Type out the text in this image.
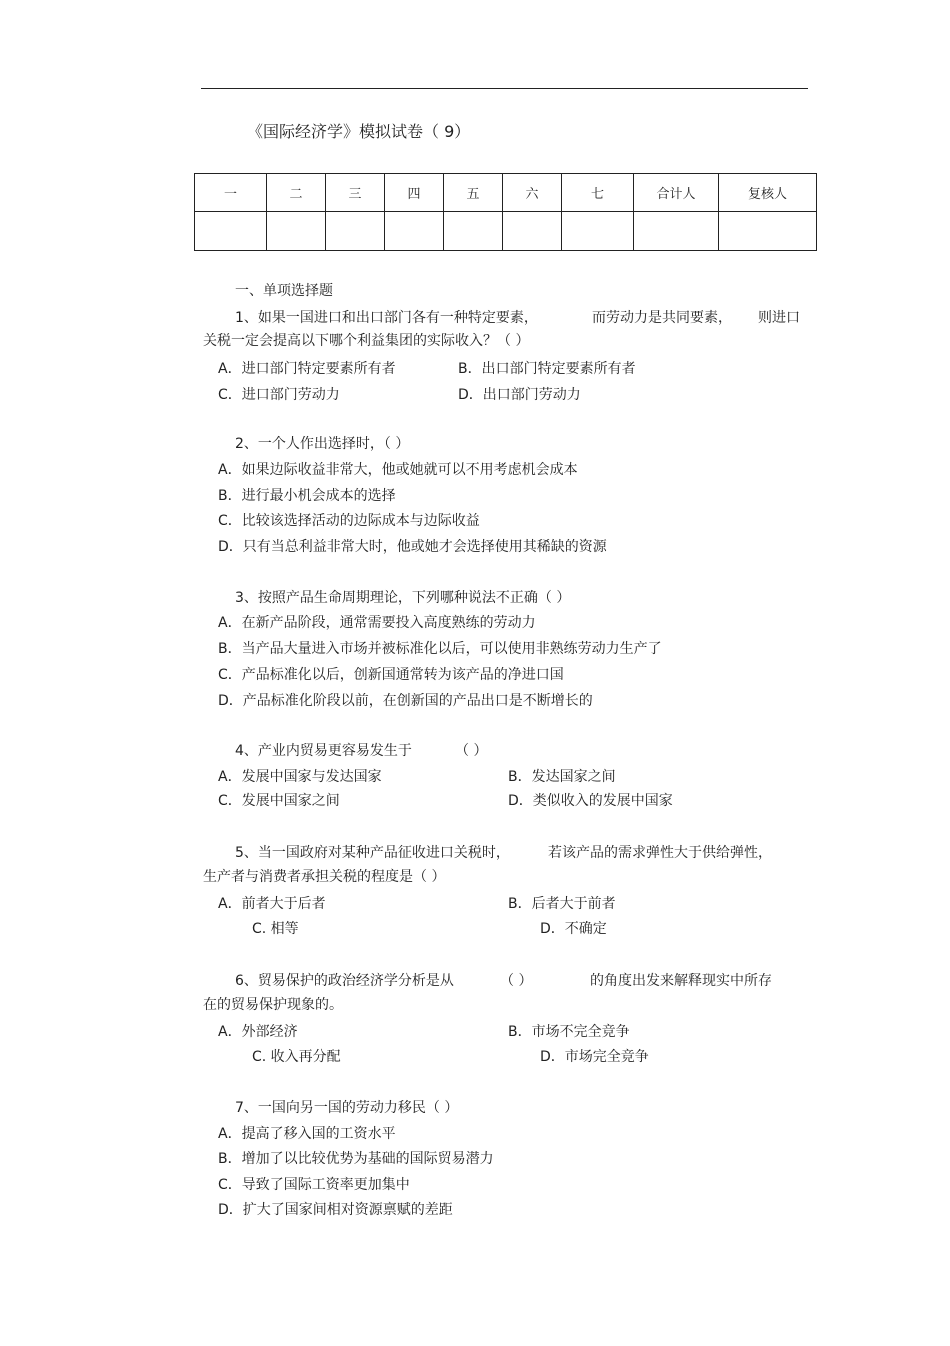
《国际经济学》模拟试卷（ 9）
一	二	三	四	五	六	七	合计人	复核人

一、单项选择题
1、如果一国进口和出口部门各有一种特定要素，	而劳动力是共同要素， 则进口
关税一定会提高以下哪个利益集团的实际收入？（ ）
A．进口部门特定要素所有者	B．出口部门特定要素所有者
C．进口部门劳动力	D．出口部门劳动力
2、一个人作出选择时，（ ）
A．如果边际收益非常大，他或她就可以不用考虑机会成本
B．进行最小机会成本的选择
C．比较该选择活动的边际成本与边际收益
D．只有当总利益非常大时，他或她才会选择使用其稀缺的资源
3、按照产品生命周期理论，下列哪种说法不正确（ ）
A．在新产品阶段，通常需要投入高度熟练的劳动力
B．当产品大量进入市场并被标准化以后，可以使用非熟练劳动力生产了
C．产品标准化以后，创新国通常转为该产品的净进口国
D．产品标准化阶段以前，在创新国的产品出口是不断增长的
4、产业内贸易更容易发生于	（ ）
A．发展中国家与发达国家	B．发达国家之间
C．发展中国家之间	D．类似收入的发展中国家
5、当一国政府对某种产品征收进口关税时，	若该产品的需求弹性大于供给弹性，
生产者与消费者承担关税的程度是（ ）
A．前者大于后者	B．后者大于前者
C. 相等	D．不确定
6、贸易保护的政治经济学分析是从	（ ）	的角度出发来解释现实中所存
在的贸易保护现象的。
A．外部经济	B．市场不完全竞争
C. 收入再分配	D．市场完全竞争
7、一国向另一国的劳动力移民（ ）
A．提高了移入国的工资水平
B．增加了以比较优势为基础的国际贸易潜力
C．导致了国际工资率更加集中
D．扩大了国家间相对资源禀赋的差距
